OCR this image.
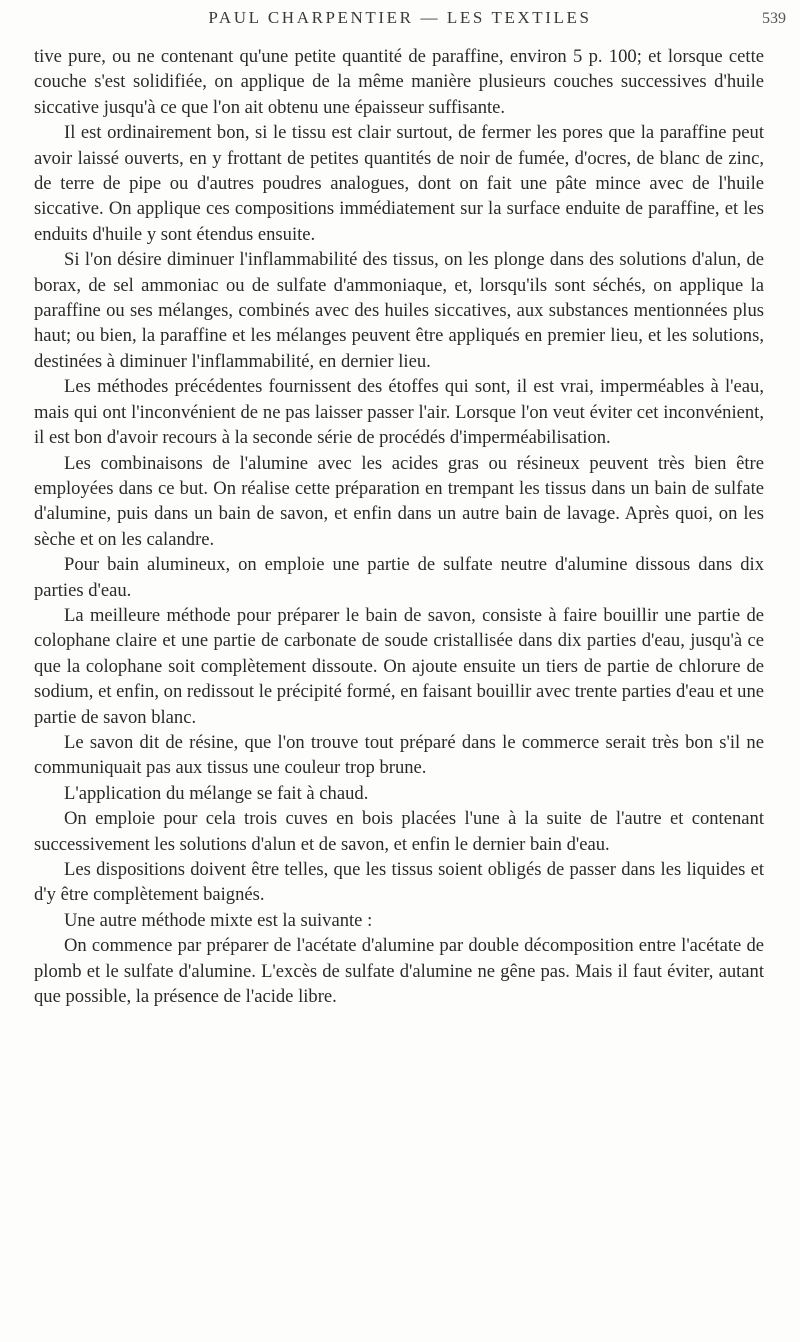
PAUL CHARPENTIER — LES TEXTILES	539

tive pure, ou ne contenant qu'une petite quantité de paraffine, environ 5 p. 100; et lorsque cette couche s'est solidifiée, on applique de la même manière plusieurs couches successives d'huile siccative jusqu'à ce que l'on ait obtenu une épaisseur suffisante.

Il est ordinairement bon, si le tissu est clair surtout, de fermer les pores que la paraffine peut avoir laissé ouverts, en y frottant de petites quantités de noir de fumée, d'ocres, de blanc de zinc, de terre de pipe ou d'autres poudres analogues, dont on fait une pâte mince avec de l'huile siccative. On applique ces compositions immédiatement sur la surface enduite de paraffine, et les enduits d'huile y sont étendus ensuite.

Si l'on désire diminuer l'inflammabilité des tissus, on les plonge dans des solutions d'alun, de borax, de sel ammoniac ou de sulfate d'ammoniaque, et, lorsqu'ils sont séchés, on applique la paraffine ou ses mélanges, combinés avec des huiles siccatives, aux substances mentionnées plus haut; ou bien, la paraffine et les mélanges peuvent être appliqués en premier lieu, et les solutions, destinées à diminuer l'inflammabilité, en dernier lieu.

Les méthodes précédentes fournissent des étoffes qui sont, il est vrai, imperméables à l'eau, mais qui ont l'inconvénient de ne pas laisser passer l'air. Lorsque l'on veut éviter cet inconvénient, il est bon d'avoir recours à la seconde série de procédés d'imperméabilisation.

Les combinaisons de l'alumine avec les acides gras ou résineux peuvent très bien être employées dans ce but. On réalise cette préparation en trempant les tissus dans un bain de sulfate d'alumine, puis dans un bain de savon, et enfin dans un autre bain de lavage. Après quoi, on les sèche et on les calandre.

Pour bain alumineux, on emploie une partie de sulfate neutre d'alumine dissous dans dix parties d'eau.

La meilleure méthode pour préparer le bain de savon, consiste à faire bouillir une partie de colophane claire et une partie de carbonate de soude cristallisée dans dix parties d'eau, jusqu'à ce que la colophane soit complètement dissoute. On ajoute ensuite un tiers de partie de chlorure de sodium, et enfin, on redissout le précipité formé, en faisant bouillir avec trente parties d'eau et une partie de savon blanc.

Le savon dit de résine, que l'on trouve tout préparé dans le commerce serait très bon s'il ne communiquait pas aux tissus une couleur trop brune.

L'application du mélange se fait à chaud.

On emploie pour cela trois cuves en bois placées l'une à la suite de l'autre et contenant successivement les solutions d'alun et de savon, et enfin le dernier bain d'eau.

Les dispositions doivent être telles, que les tissus soient obligés de passer dans les liquides et d'y être complètement baignés.

Une autre méthode mixte est la suivante :

On commence par préparer de l'acétate d'alumine par double décomposition entre l'acétate de plomb et le sulfate d'alumine. L'excès de sulfate d'alumine ne gêne pas. Mais il faut éviter, autant que possible, la présence de l'acide libre.
